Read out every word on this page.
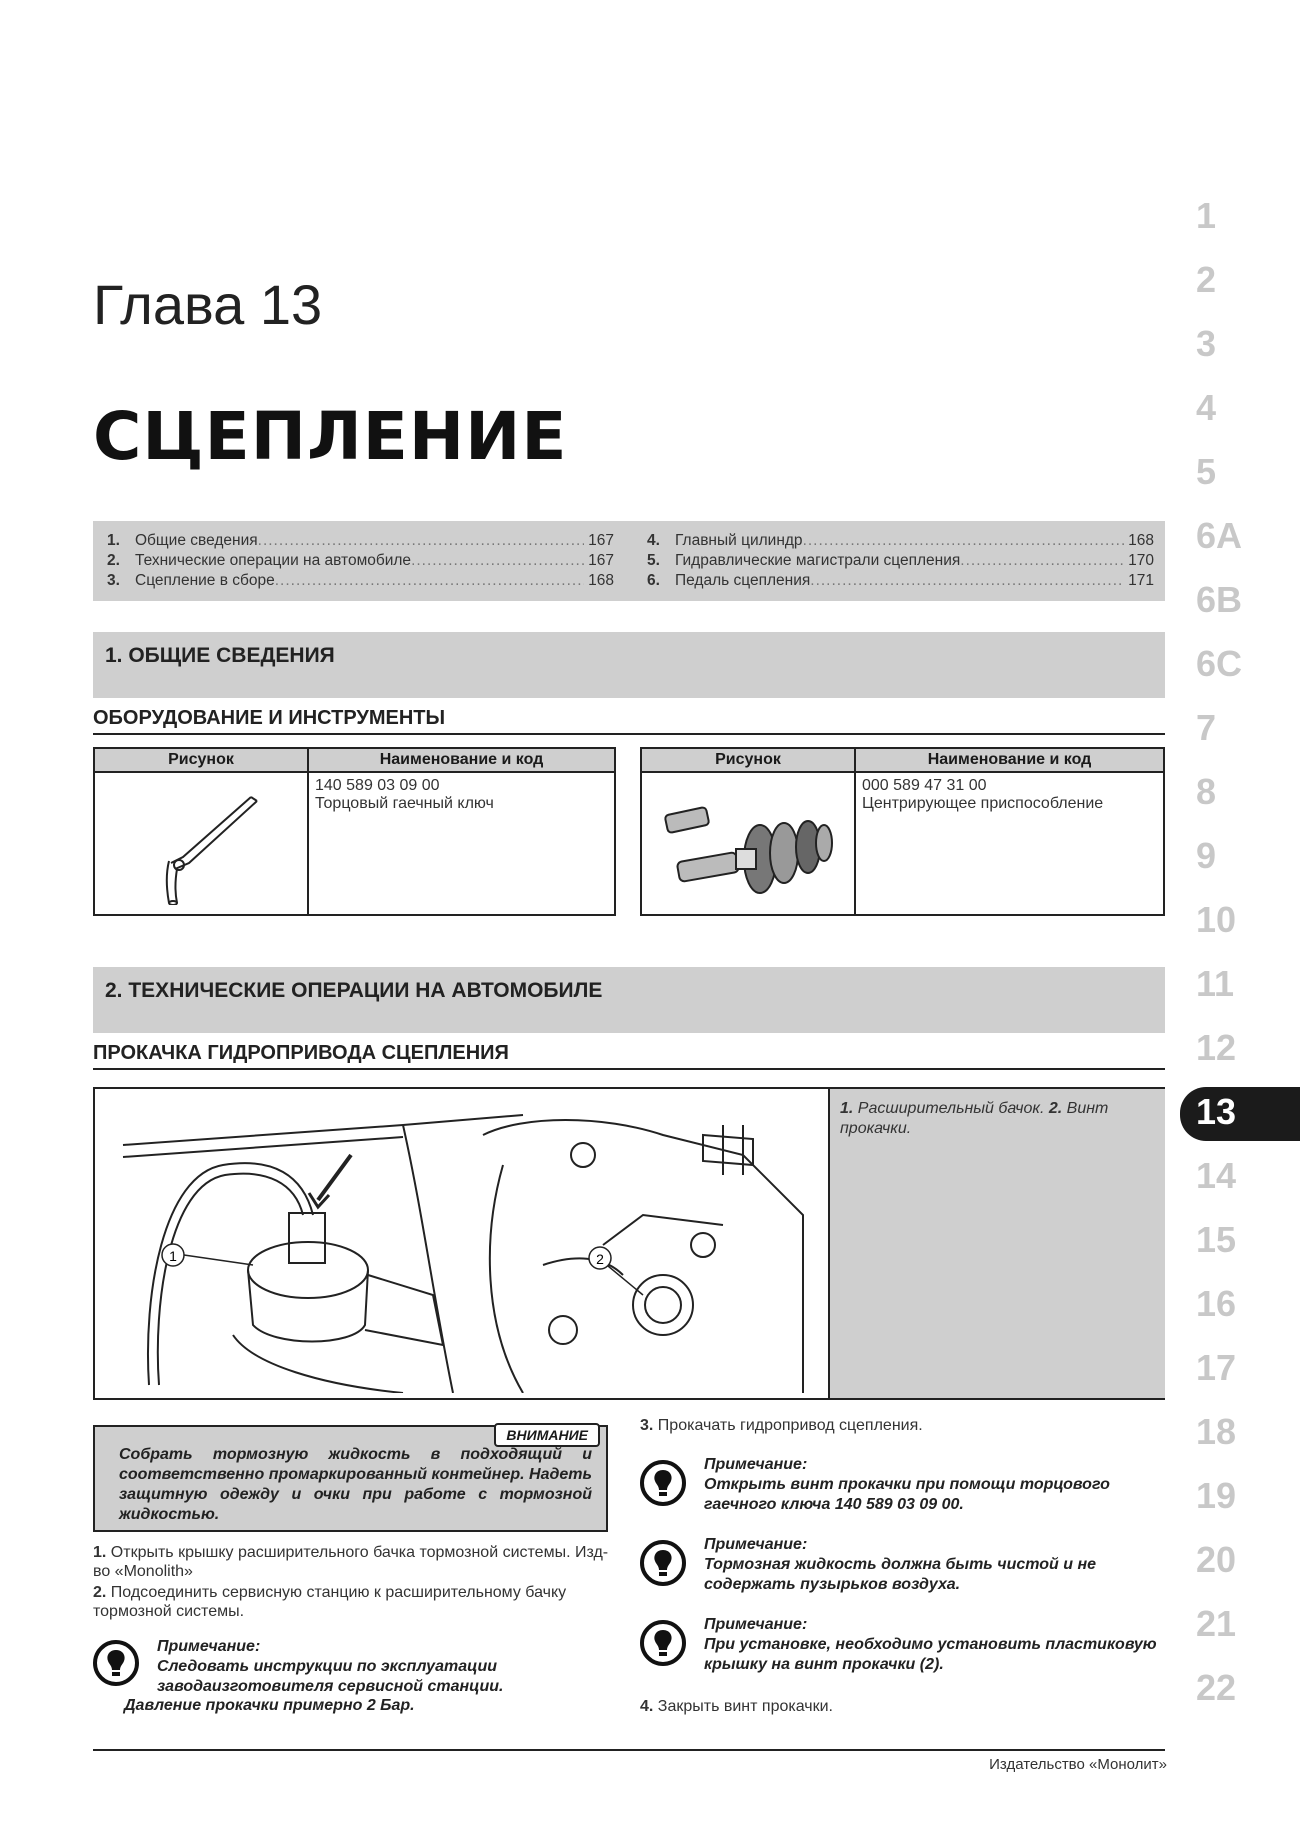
Глава 13
СЦЕПЛЕНИЕ
1. Общие сведения .....	167
2. Технические операции на автомобиле .....	167
3. Сцепление в сборе .....	168
4. Главный цилиндр .....	168
5. Гидравлические магистрали сцепления .....	170
6. Педаль сцепления .....	171
1. ОБЩИЕ СВЕДЕНИЯ
ОБОРУДОВАНИЕ И ИНСТРУМЕНТЫ
Рисунок	Наименование и код

140 589 03 09 00
Торцовый гаечный ключ
Рисунок	Наименование и код

000 589 47 31 00
Центрирующее приспособление
2. ТЕХНИЧЕСКИЕ ОПЕРАЦИИ НА АВТОМОБИЛЕ
ПРОКАЧКА ГИДРОПРИВОДА СЦЕПЛЕНИЯ
1	2
1. Расширительный бачок. 2. Винт прокачки.
ВНИМАНИЕ
Собрать тормозную жидкость в подходящий и соответственно промаркированный контейнер. Надеть защитную одежду и очки при работе с тормозной жидкостью.
1. Открыть крышку расширительного бачка тормозной системы. Изд-во «Monolith»
2. Подсоединить сервисную станцию к расширительному бачку тормозной системы.
Примечание:
Следовать инструкции по эксплуатации заводаизготовителя сервисной станции.
Давление прокачки примерно 2 Бар.
3. Прокачать гидропривод сцепления.
Примечание:
Открыть винт прокачки при помощи торцового гаечного ключа 140 589 03 09 00.
Примечание:
Тормозная жидкость должна быть чистой и не содержать пузырьков воздуха.
Примечание:
При установке, необходимо установить пластиковую крышку на винт прокачки (2).
4. Закрыть винт прокачки.
Издательство «Монолит»
1
2
3
4
5
6A
6B
6C
7
8
9
10
11
12
13
14
15
16
17
18
19
20
21
22
